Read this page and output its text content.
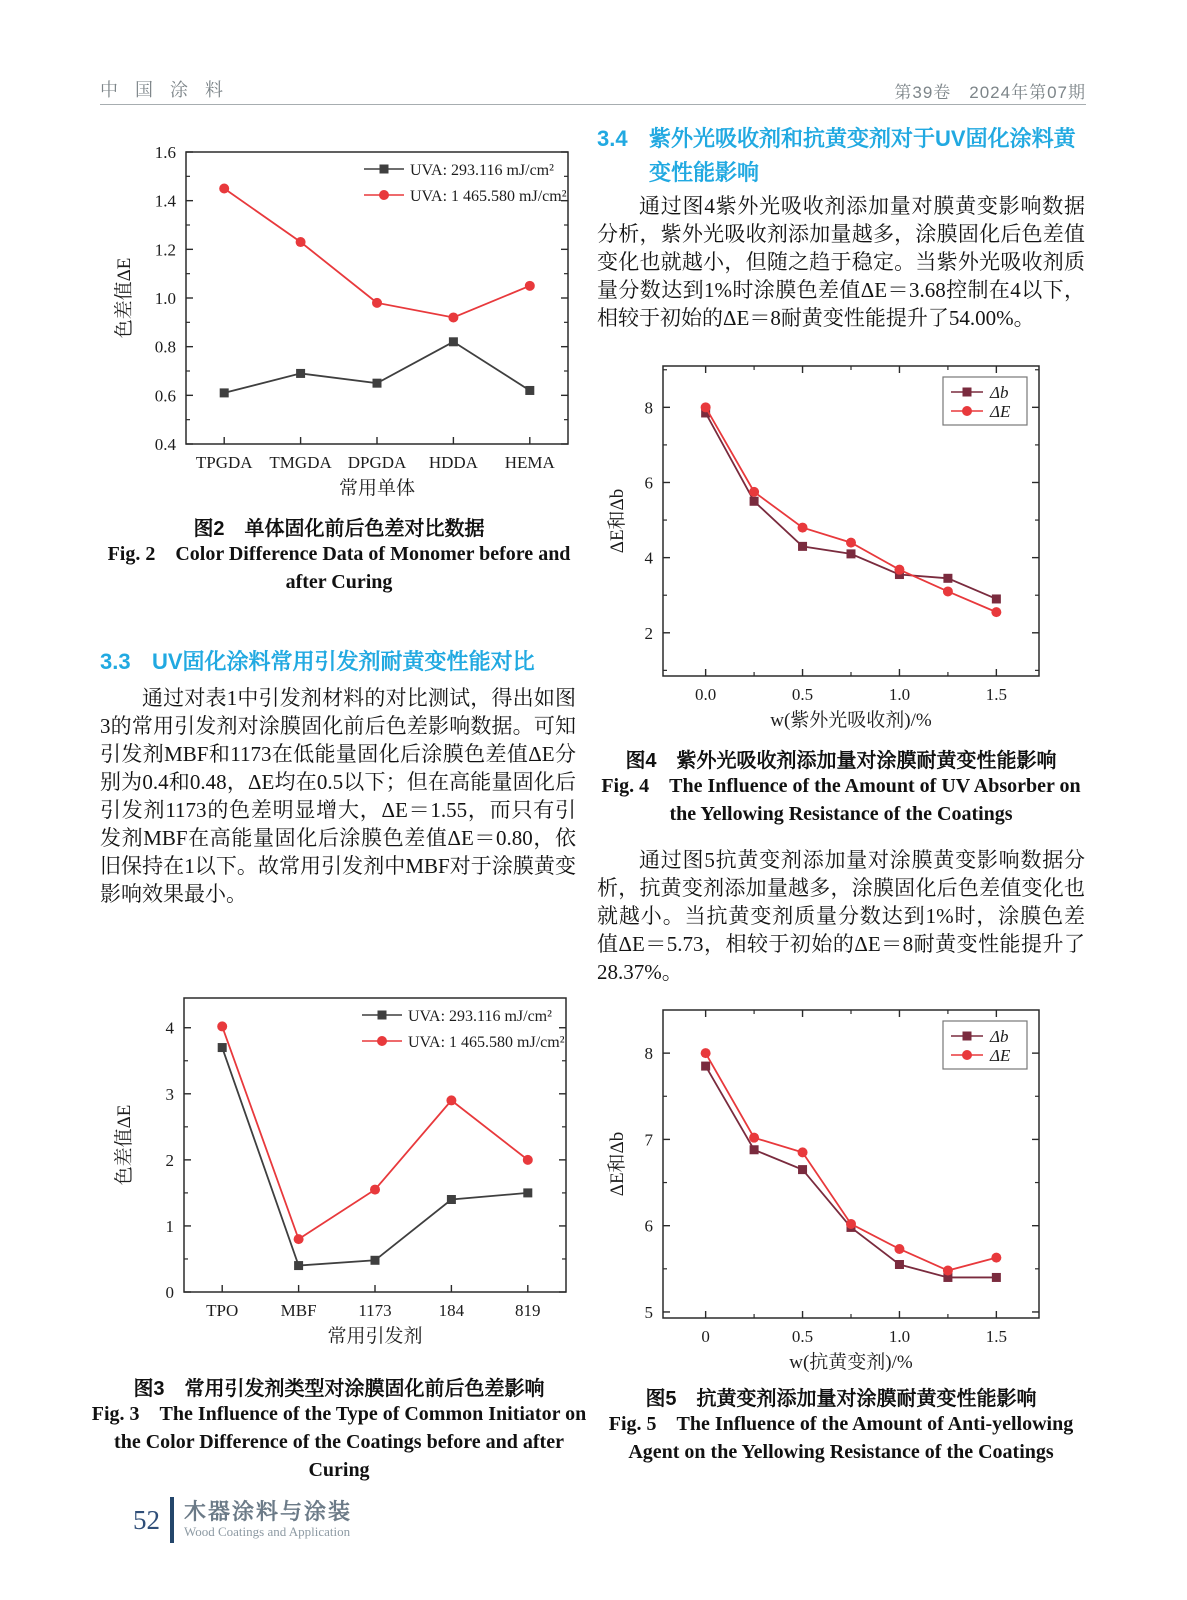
中 国 涂 料	第39卷　2024年第07期
0.4
0.6
0.8
1.0
1.2
1.4
1.6
TPGDA TMGDA DPGDA HDDA HEMA
色差值ΔE
常用单体
UVA: 293.116 mJ/cm²
UVA: 1 465.580 mJ/cm²
图2　单体固化前后色差对比数据
Fig. 2　Color Difference Data of Monomer before and after Curing
3.3 UV固化涂料常用引发剂耐黄变性能对比
通过对表1中引发剂材料的对比测试，得出如图3的常用引发剂对涂膜固化前后色差影响数据。可知引发剂MBF和1173在低能量固化后涂膜色差值ΔE分别为0.4和0.48，ΔE均在0.5以下；但在高能量固化后引发剂1173的色差明显增大，ΔE＝1.55，而只有引发剂MBF在高能量固化后涂膜色差值ΔE＝0.80，依旧保持在1以下。故常用引发剂中MBF对于涂膜黄变影响效果最小。
0
1
2
3
4
TPO MBF 1173	184	819
色差值ΔE
常用引发剂
UVA: 293.116 mJ/cm²
UVA: 1 465.580 mJ/cm²
图3　常用引发剂类型对涂膜固化前后色差影响
Fig. 3　The Influence of the Type of Common Initiator on the Color Difference of the Coatings before and after Curing
3.4 紫外光吸收剂和抗黄变剂对于UV固化涂料黄变性能影响
通过图4紫外光吸收剂添加量对膜黄变影响数据分析，紫外光吸收剂添加量越多，涂膜固化后色差值变化也就越小，但随之趋于稳定。当紫外光吸收剂质量分数达到1%时涂膜色差值ΔE＝3.68控制在4以下，相较于初始的ΔE＝8耐黄变性能提升了54.00%。
2
4
6
8
0.0	0.5	1.0	1.5
ΔE和Δb
w(紫外光吸收剂)/%
Δb
ΔE
图4　紫外光吸收剂添加量对涂膜耐黄变性能影响
Fig. 4　The Influence of the Amount of UV Absorber on the Yellowing Resistance of the Coatings
通过图5抗黄变剂添加量对涂膜黄变影响数据分析，抗黄变剂添加量越多，涂膜固化后色差值变化也就越小。当抗黄变剂质量分数达到1%时，涂膜色差值ΔE＝5.73，相较于初始的ΔE＝8耐黄变性能提升了28.37%。
5
6
7
8
0	0.5	1.0	1.5
ΔE和Δb
w(抗黄变剂)/%
Δb
ΔE
图5　抗黄变剂添加量对涂膜耐黄变性能影响
Fig. 5　The Influence of the Amount of Anti-yellowing Agent on the Yellowing Resistance of the Coatings
52 木器涂料与涂装
Wood Coatings and Application
